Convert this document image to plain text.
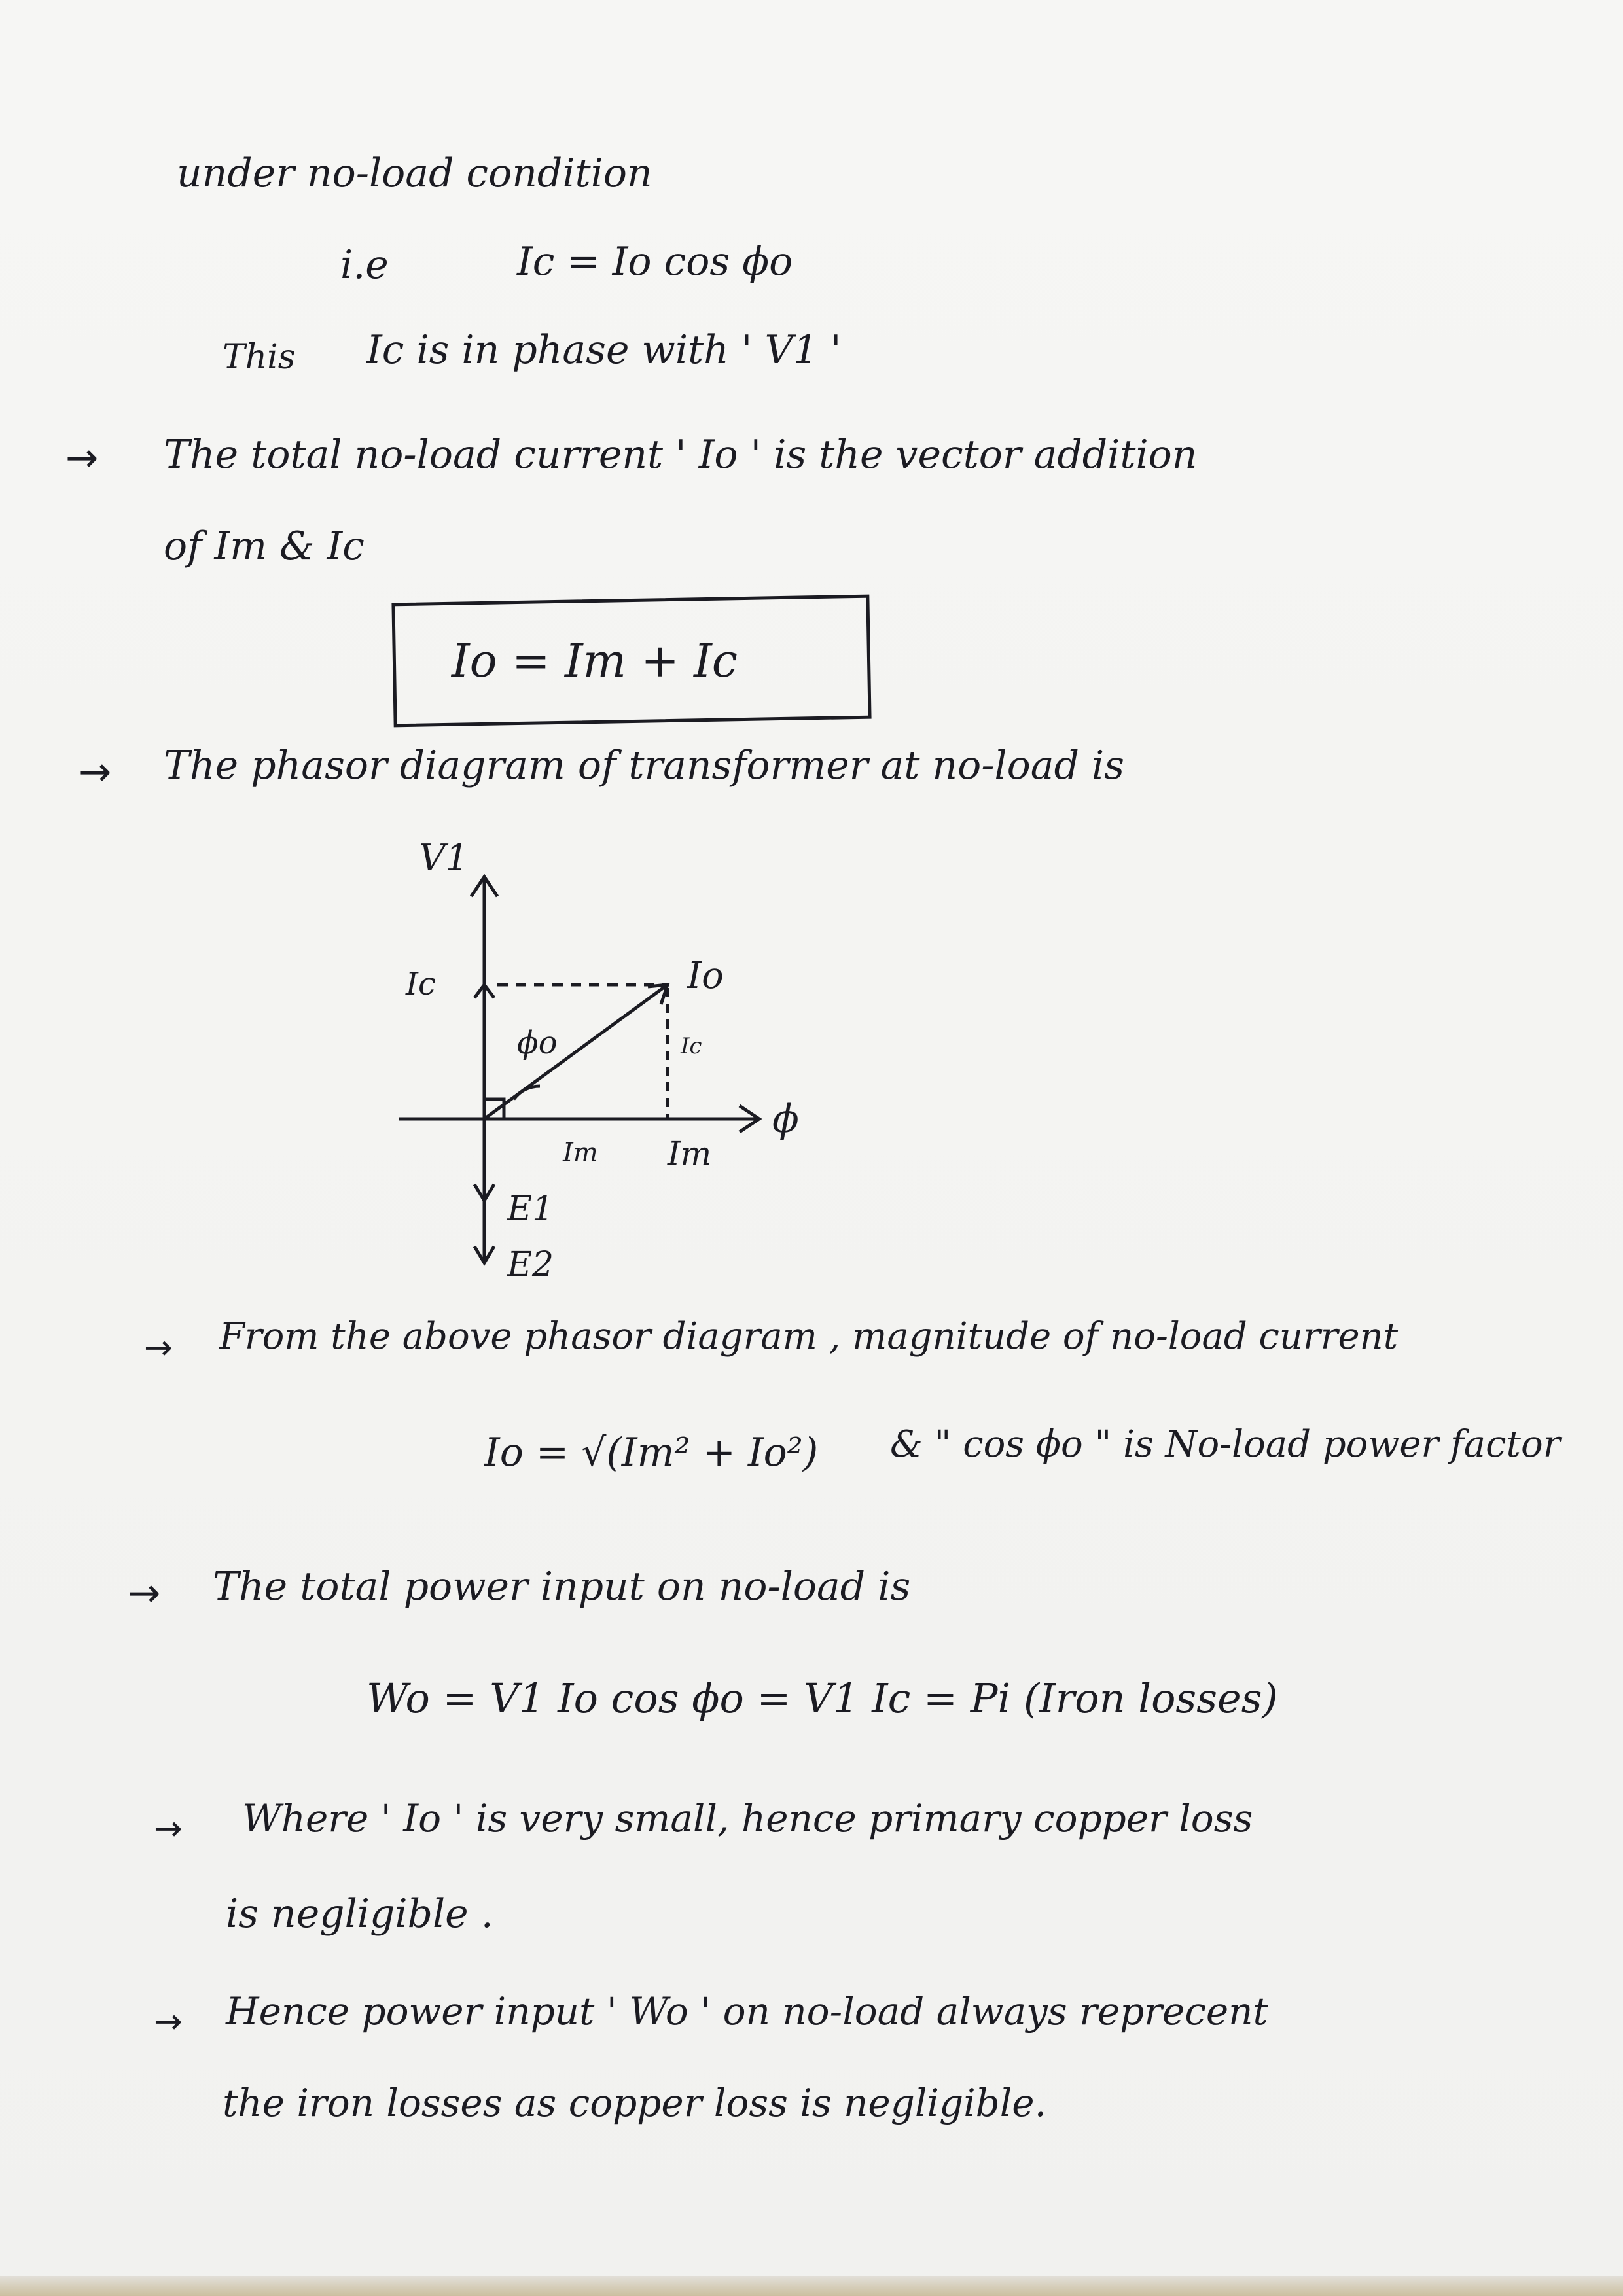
under no-load condition
i.e	Ic = Io cos ϕo
This Ic is in phase with ' V1 '
→ The total no-load current ' Io ' is the vector addition
of Im & Ic
Io = Im + Ic
→ The phasor diagram of transformer at no-load is
V1
Ic	Io
ϕo	Ic
Im Im
ϕ
E1
E2
→ From the above phasor diagram , magnitude of no-load current
Io = √(Im² + Io²) & " cos ϕo " is No-load power factor
→ The total power input on no-load is
Wo = V1 Io cos ϕo = V1 Ic = Pi (Iron losses)
→ Where ' Io ' is very small, hence primary copper loss
is negligible .
→ Hence power input ' Wo ' on no-load always reprecent
the iron losses as copper loss is negligible.
